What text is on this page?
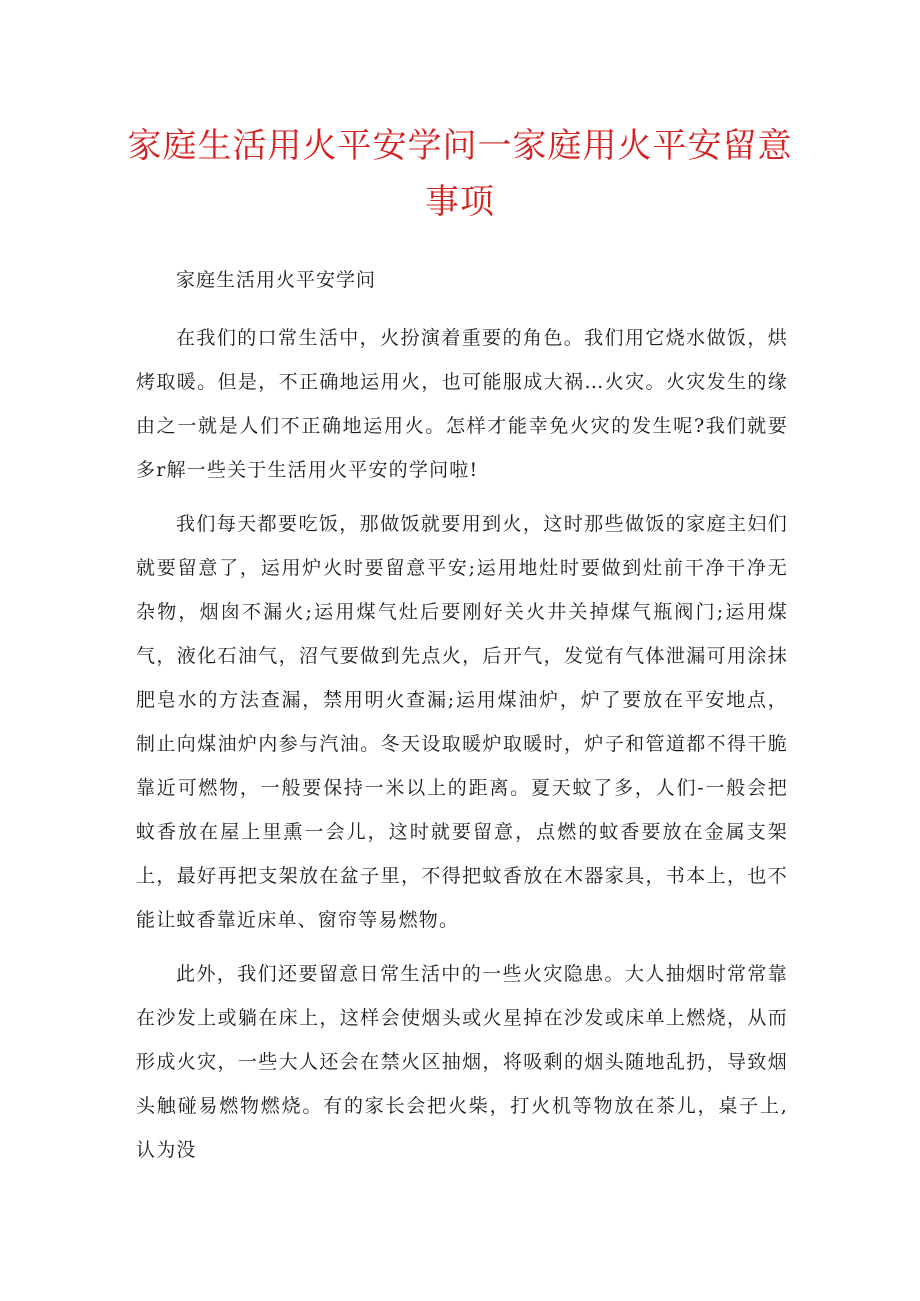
家庭生活用火平安学问一家庭用火平安留意事项

家庭生活用火平安学问

在我们的口常生活中，火扮演着重要的角色。我们用它烧水做饭，烘烤取暖。但是，不正确地运用火，也可能服成大祸…火灾。火灾发生的缘由之一就是人们不正确地运用火。怎样才能幸免火灾的发生呢?我们就要多r解一些关于生活用火平安的学问啦!

我们每天都要吃饭，那做饭就要用到火，这时那些做饭的家庭主妇们就要留意了，运用炉火时要留意平安;运用地灶时要做到灶前干净干净无杂物，烟囱不漏火;运用煤气灶后要刚好关火井关掉煤气瓶阀门;运用煤气，液化石油气，沼气要做到先点火，后开气，发觉有气体泄漏可用涂抹肥皂水的方法查漏，禁用明火查漏;运用煤油炉，炉了要放在平安地点，制止向煤油炉内参与汽油。冬天设取暖炉取暖时，炉子和管道都不得干脆靠近可燃物，一般要保持一米以上的距离。夏天蚊了多，人们-一般会把蚊香放在屋上里熏一会儿，这时就要留意，点燃的蚊香要放在金属支架上，最好再把支架放在盆子里，不得把蚊香放在木器家具，书本上，也不能让蚊香靠近床单、窗帘等易燃物。

此外，我们还要留意日常生活中的一些火灾隐患。大人抽烟时常常靠在沙发上或躺在床上，这样会使烟头或火星掉在沙发或床单上燃烧，从而形成火灾，一些大人还会在禁火区抽烟，将吸剩的烟头随地乱扔，导致烟头触碰易燃物燃烧。有的家长会把火柴，打火机等物放在茶儿，桌子上,认为没
